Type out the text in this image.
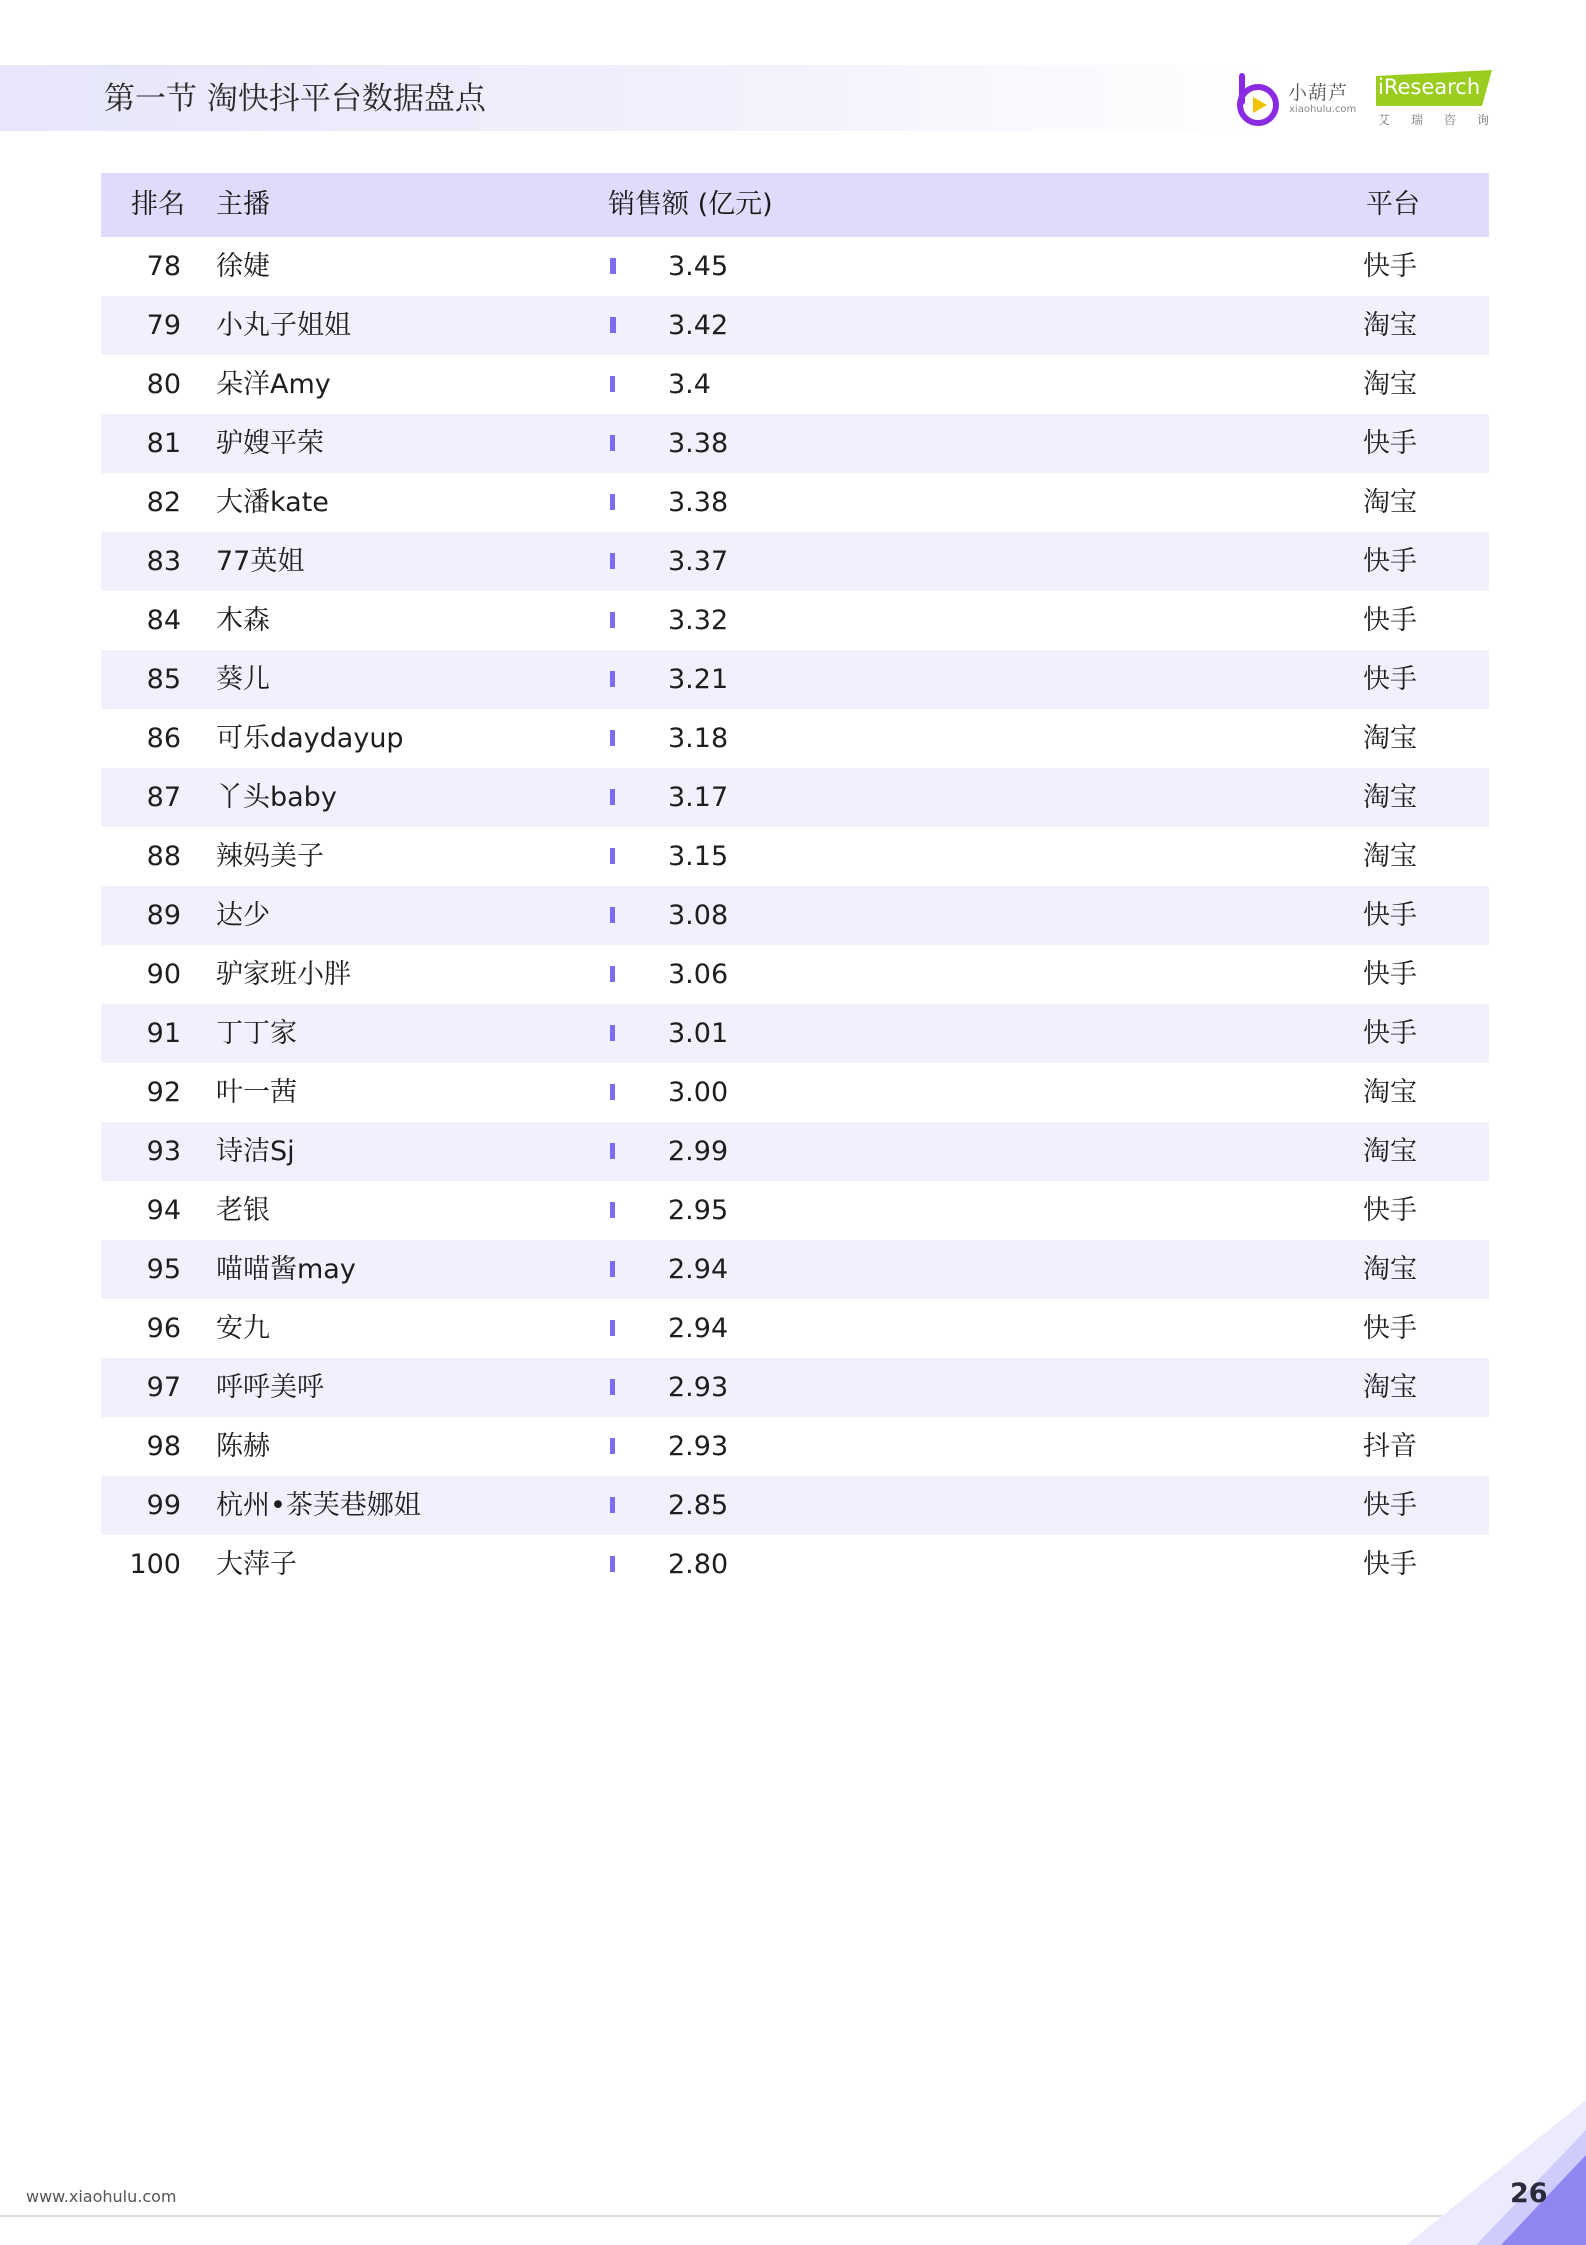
第一节 淘快抖平台数据盘点	小葫芦
xiaohulu.com
iResearch
艾瑞咨询
排名 主播	销售额 (亿元)	平台
78 徐婕	3.45	快手
79 小丸子姐姐	3.42	淘宝
80 朵洋Amy	3.4	淘宝
81 驴嫂平荣	3.38	快手
82 大潘kate	3.38	淘宝
83 77英姐	3.37	快手
84 木森	3.32	快手
85 葵儿	3.21	快手
86 可乐daydayup	3.18	淘宝
87 丫头baby	3.17	淘宝
88 辣妈美子	3.15	淘宝
89 达少	3.08	快手
90 驴家班小胖	3.06	快手
91 丁丁家	3.01	快手
92 叶一茜	3.00	淘宝
93 诗洁Sj	2.99	淘宝
94 老银	2.95	快手
95 喵喵酱may	2.94	淘宝
96 安九	2.94	快手
97 呼呼美呼	2.93	淘宝
98 陈赫	2.93	抖音
99 杭州•茶芙巷娜姐	2.85	快手
100 大萍子	2.80	快手
www.xiaohulu.com	26
